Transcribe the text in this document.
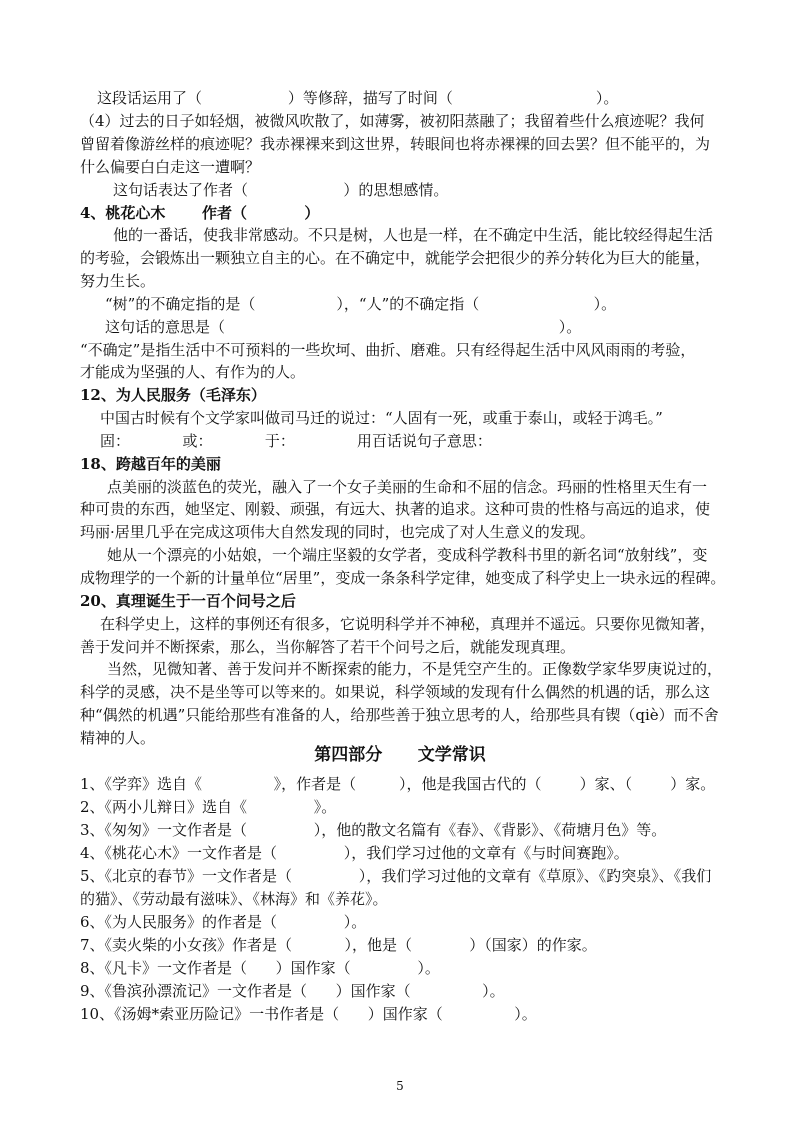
这段话运用了（                  ）等修辞，描写了时间（                              ）。
（4）过去的日子如轻烟，被微风吹散了，如薄雾，被初阳蒸融了；我留着些什么痕迹呢？我何
曾留着像游丝样的痕迹呢？我赤裸裸来到这世界，转眼间也将赤裸裸的回去罢？但不能平的，为
什么偏要白白走这一遭啊？
这句话表达了作者（                    ）的思想感情。
4、桃花心木       作者（           ）
他的一番话，使我非常感动。不只是树，人也是一样，在不确定中生活，能比较经得起生活
的考验，会锻炼出一颗独立自主的心。在不确定中，就能学会把很少的养分转化为巨大的能量，
努力生长。
“树”的不确定指的是（                 ），“人”的不确定指（                        ）。
这句话的意思是（                                                                      ）。
“不确定”是指生活中不可预料的一些坎坷、曲折、磨难。只有经得起生活中风风雨雨的考验，
才能成为坚强的人、有作为的人。
12、为人民服务（毛泽东）
中国古时候有个文学家叫做司马迁的说过：“人固有一死，或重于泰山，或轻于鸿毛。”
固：           或：           于：             用百话说句子意思：
18、跨越百年的美丽
点美丽的淡蓝色的荧光，融入了一个女子美丽的生命和不屈的信念。玛丽的性格里天生有一
种可贵的东西，她坚定、刚毅、顽强，有远大、执著的追求。这种可贵的性格与高远的追求，使
玛丽·居里几乎在完成这项伟大自然发现的同时，也完成了对人生意义的发现。
她从一个漂亮的小姑娘，一个端庄坚毅的女学者，变成科学教科书里的新名词“放射线”，变
成物理学的一个新的计量单位“居里”，变成一条条科学定律，她变成了科学史上一块永远的程碑。
20、真理诞生于一百个问号之后
在科学史上，这样的事例还有很多，它说明科学并不神秘，真理并不遥远。只要你见微知著，
善于发问并不断探索，那么，当你解答了若干个问号之后，就能发现真理。
当然，见微知著、善于发问并不断探索的能力，不是凭空产生的。正像数学家华罗庚说过的，
科学的灵感，决不是坐等可以等来的。如果说，科学领域的发现有什么偶然的机遇的话，那么这
种“偶然的机遇”只能给那些有准备的人，给那些善于独立思考的人，给那些具有锲（qiè）而不舍
精神的人。
1、《学弈》选自《               》，作者是（         ），他是我国古代的（        ）家、（        ）家。
2、《两小儿辩日》选自《              》。
3、《匆匆》一文作者是（              ），他的散文名篇有《春》、《背影》、《荷塘月色》等。
4、《桃花心木》一文作者是（              ），我们学习过他的文章有《与时间赛跑》。
5、《北京的春节》一文作者是（              ），我们学习过他的文章有《草原》、《趵突泉》、《我们
的猫》、《劳动最有滋味》、《林海》和《养花》。
6、《为人民服务》的作者是（              ）。
7、《卖火柴的小女孩》作者是（           ），他是（            ）（国家）的作家。
8、《凡卡》一文作者是（      ）国作家（              ）。
9、《鲁滨孙漂流记》一文作者是（      ）国作家（               ）。
10、《汤姆*索亚历险记》一书作者是（      ）国作家（               ）。
第四部分      文学常识
5
